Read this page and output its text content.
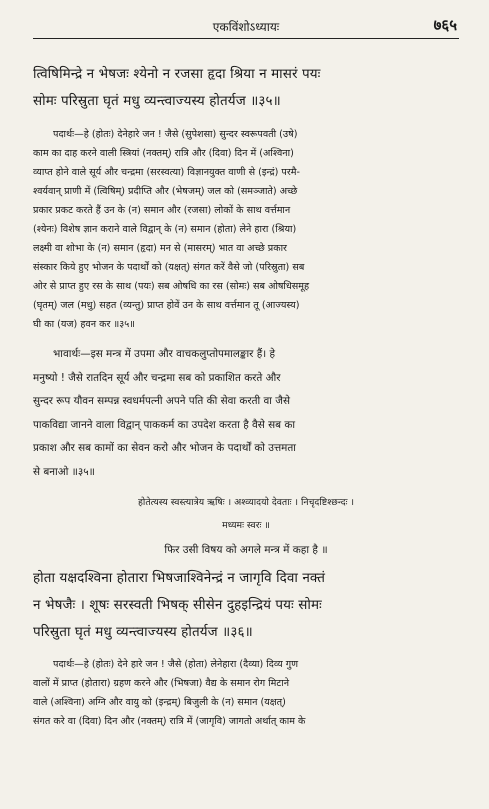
एकविंशोऽध्यायः	७६५
त्विषिमिन्द्रे न भेषजः श्येनो न रजसा हृदा श्रिया न मासरं पयः
सोमः परिस्रुता घृतं मधु व्यन्त्वाज्यस्य होतर्यज ॥३५॥
पदार्थः—हे (होतः) देनेहारे जन ! जैसे (सुपेशसा) सुन्दर स्वरूपवती (उषे)
काम का दाह करने वाली स्त्रियां (नक्तम्) रात्रि और (दिवा) दिन में (अश्विना)
व्याप्त होने वाले सूर्य और चन्द्रमा (सरस्वत्या) विज्ञानयुक्त वाणी से (इन्द्रं) परमै-
श्वर्यवान् प्राणी में (त्विषिम्) प्रदीप्ति और (भेषजम्) जल को (समञ्जाते) अच्छे
प्रकार प्रकट करते हैं उन के (न) समान और (रजसा) लोकों के साथ वर्त्तमान
(श्येनः) विशेष ज्ञान कराने वाले विद्वान् के (न) समान (होता) लेने हारा (श्रिया)
लक्ष्मी वा शोभा के (न) समान (हृदा) मन से (मासरम्) भात वा अच्छे प्रकार
संस्कार किये हुए भोजन के पदार्थों को (यक्षत्) संगत करें वैसे जो (परिस्रुता) सब
ओर से प्राप्त हुए रस के साथ (पयः) सब ओषधि का रस (सोमः) सब ओषधिसमूह
(घृतम्) जल (मधु) सहत (व्यन्तु) प्राप्त होवें उन के साथ वर्त्तमान तू (आज्यस्य)
घी का (यज) हवन कर ॥३५॥
भावार्थः—इस मन्त्र में उपमा और वाचकलुप्तोपमालङ्कार हैं। हे
मनुष्यो ! जैसे रातदिन सूर्य और चन्द्रमा सब को प्रकाशित करते और
सुन्दर रूप यौवन सम्पन्न स्वधर्मपत्नी अपने पति की सेवा करती वा जैसे
पाकविद्या जानने वाला विद्वान् पाककर्म का उपदेश करता है वैसे सब का
प्रकाश और सब कामों का सेवन करो और भोजन के पदार्थों को उत्तमता
से बनाओ ॥३५॥
होतेत्यस्य स्वस्त्यात्रेय ऋषिः । अश्व्यादयो देवताः । निचृदष्टिश्छन्दः ।
मध्यमः स्वरः ॥
फिर उसी विषय को अगले मन्त्र में कहा है ॥
होता यक्षदश्विना होतारा भिषजाश्विनेन्द्रं न जागृवि दिवा नक्तं
न भेषजैः । शूषः सरस्वती भिषक् सीसेन दुहइन्द्रियं पयः सोमः
परिस्रुता घृतं मधु व्यन्त्वाज्यस्य होतर्यज ॥३६॥
पदार्थः—हे (होतः) देने हारे जन ! जैसे (होता) लेनेहारा (दैव्या) दिव्य गुण
वालों में प्राप्त (होतारा) ग्रहण करने और (भिषजा) वैद्य के समान रोग मिटाने
वाले (अश्विना) अग्नि और वायु को (इन्द्रम्) बिजुली के (न) समान (यक्षत्)
संगत करे वा (दिवा) दिन और (नक्तम्) रात्रि में (जागृवि) जागतो अर्थात् काम के
